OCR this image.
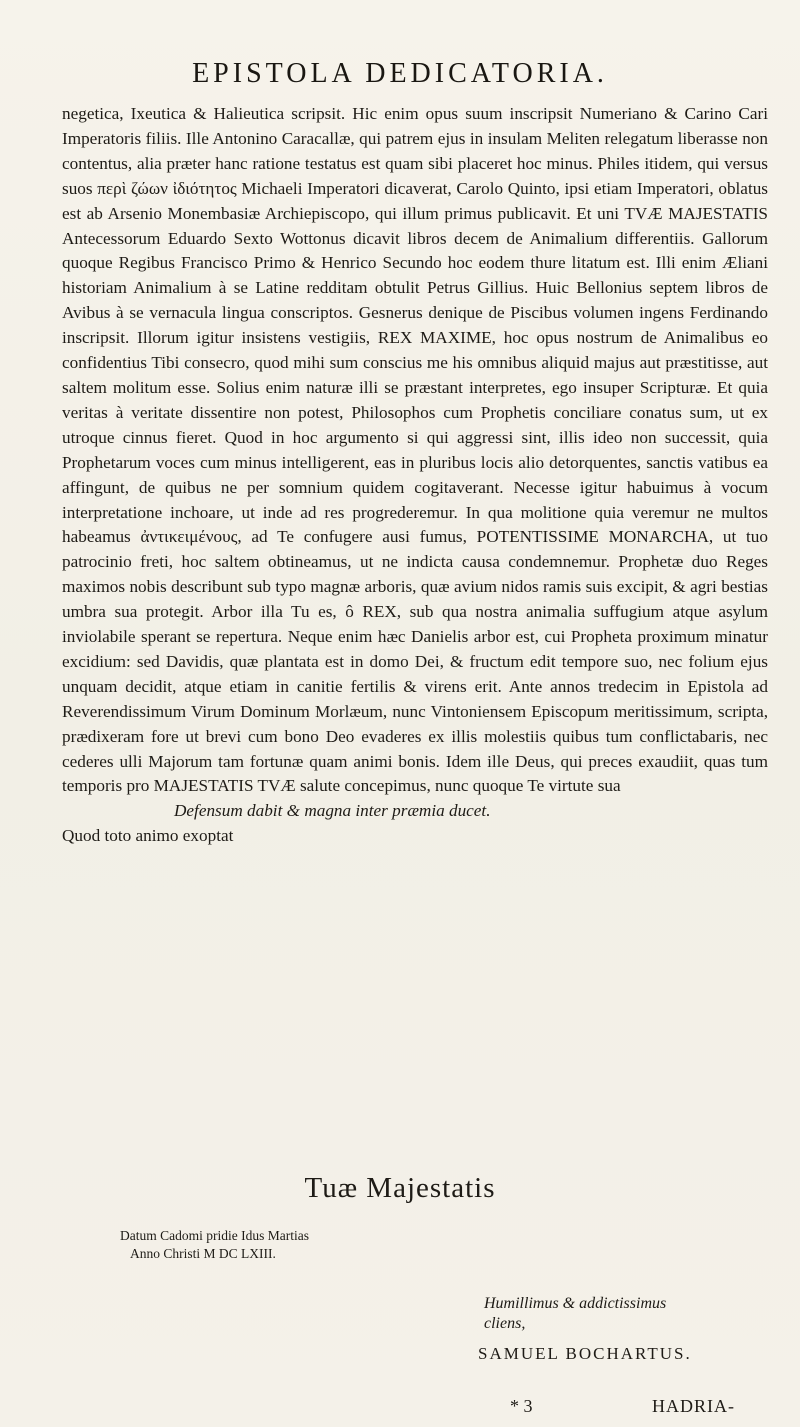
EPISTOLA DEDICATORIA.

negetica, Ixeutica & Halieutica scripsit. Hic enim opus suum inscripsit Numeriano & Carino Cari Imperatoris filiis. Ille Antonino Caracallæ, qui patrem ejus in insulam Meliten relegatum liberasse non contentus, alia præter hanc ratione testatus est quam sibi placeret hoc minus. Philes itidem, qui versus suos περὶ ζώων ἰδιότητος Michaeli Imperatori dicaverat, Carolo Quinto, ipsi etiam Imperatori, oblatus est ab Arsenio Monembasiæ Archiepiscopo, qui illum primus publicavit. Et uni TVÆ MAJESTATIS Antecessorum Eduardo Sexto Wottonus dicavit libros decem de Animalium differentiis. Gallorum quoque Regibus Francisco Primo & Henrico Secundo hoc eodem thure litatum est. Illi enim Æliani historiam Animalium à se Latine redditam obtulit Petrus Gillius. Huic Bellonius septem libros de Avibus à se vernacula lingua conscriptos. Gesnerus denique de Piscibus volumen ingens Ferdinando inscripsit. Illorum igitur insistens vestigiis, REX MAXIME, hoc opus nostrum de Animalibus eo confidentius Tibi consecro, quod mihi sum conscius me his omnibus aliquid majus aut præstitisse, aut saltem molitum esse. Solius enim naturæ illi se præstant interpretes, ego insuper Scripturæ. Et quia veritas à veritate dissentire non potest, Philosophos cum Prophetis conciliare conatus sum, ut ex utroque cinnus fieret. Quod in hoc argumento si qui aggressi sint, illis ideo non successit, quia Prophetarum voces cum minus intelligerent, eas in pluribus locis alio detorquentes, sanctis vatibus ea affingunt, de quibus ne per somnium quidem cogitaverant. Necesse igitur habuimus à vocum interpretatione inchoare, ut inde ad res progrederemur. In qua molitione quia veremur ne multos habeamus ἀντικειμένους, ad Te confugere ausi fumus, POTENTISSIME MONARCHA, ut tuo patrocinio freti, hoc saltem obtineamus, ut ne indicta causa condemnemur. Prophetæ duo Reges maximos nobis describunt sub typo magnæ arboris, quæ avium nidos ramis suis excipit, & agri bestias umbra sua protegit. Arbor illa Tu es, ô REX, sub qua nostra animalia suffugium atque asylum inviolabile sperant se repertura. Neque enim hæc Danielis arbor est, cui Propheta proximum minatur excidium: sed Davidis, quæ plantata est in domo Dei, & fructum edit tempore suo, nec folium ejus unquam decidit, atque etiam in canitie fertilis & virens erit. Ante annos tredecim in Epistola ad Reverendissimum Virum Dominum Morlæum, nunc Vintoniensem Episcopum meritissimum, scripta, prædixeram fore ut brevi cum bono Deo evaderes ex illis molestiis quibus tum conflictabaris, nec cederes ulli Majorum tam fortunæ quam animi bonis. Idem ille Deus, qui preces exaudiit, quas tum temporis pro MAJESTATIS TVÆ salute concepimus, nunc quoque Te virtute sua

Defensum dabit & magna inter præmia ducet.
Quod toto animo exoptat
Tuæ Majestatis
Datum Cadomi pridie Idus Martias
Anno Christi M DC LXIII.
Humillimus & addictissimus
cliens,
SAMUEL BOCHARTUS.
* 3	HADRIA-
